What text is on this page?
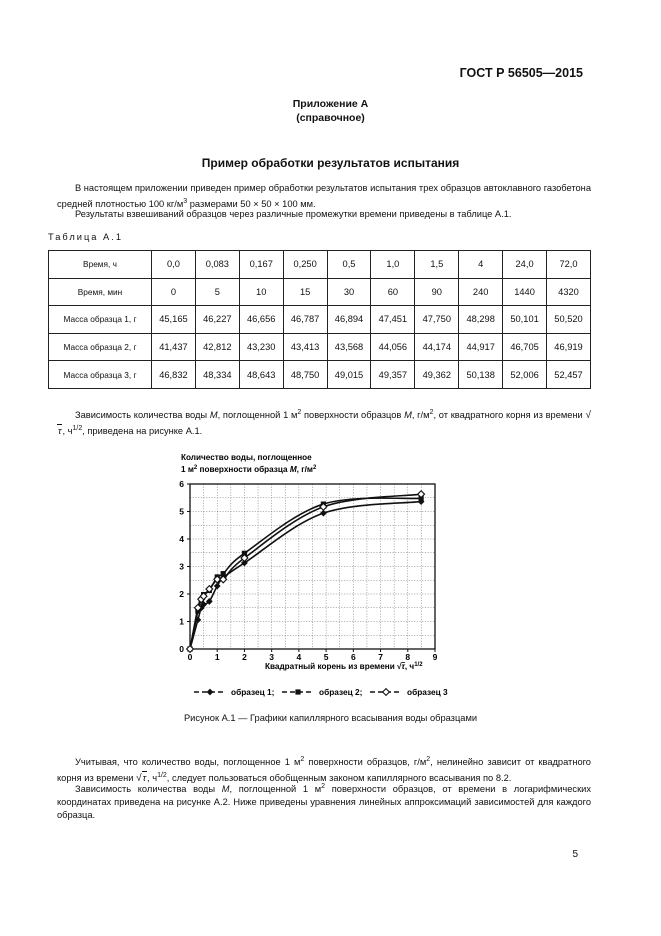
ГОСТ Р 56505—2015
Приложение А
(справочное)
Пример обработки результатов испытания
В настоящем приложении приведен пример обработки результатов испытания трех образцов автоклавного газобетона средней плотностью 100 $кг/м^3$ размерами 50 × 50 × 100 мм.
Результаты взвешиваний образцов через различные промежутки времени приведены в таблице А.1.
Таблица А.1
Время, ч	0,0	0,083	0,167	0,250	0,5	1,0	1,5	4	24,0	72,0
Время, мин	0	5	10	15	30	60	90	240	1440	4320
Масса образца 1, г	45,165	46,227	46,656	46,787	46,894	47,451	47,750	48,298	50,101	50,520
Масса образца 2, г	41,437	42,812	43,230	43,413	43,568	44,056	44,174	44,917	46,705	46,919
Масса образца 3, г	46,832	48,334	48,643	48,750	49,015	49,357	49,362	50,138	52,006	52,457
Зависимость количества воды M, поглощенной 1 $м^2$ поверхности образцов M, $г/м^2$, от квадратного корня из времени √τ, $ч^{1/2}$, приведена на рисунке А.1.
Количество воды, поглощенное
1 $м^2$ поверхности образца M, $г/м^2$
0	1	2	3	4	5	6	7	8	9
0
1
2
3
4
5
6
Квадратный корень из времени √τ, $ч^{1/2}$
образец 1;	образец 2;	образец 3
Рисунок А.1 — Графики капиллярного всасывания воды образцами
Учитывая, что количество воды, поглощенное 1 $м^2$ поверхности образцов, $г/м^2$, нелинейно зависит от квадратного корня из времени √τ, $ч^{1/2}$, следует пользоваться обобщенным законом капиллярного всасывания по 8.2.
Зависимость количества воды M, поглощенной 1 $м^2$ поверхности образцов, от времени в логарифмических координатах приведена на рисунке А.2. Ниже приведены уравнения линейных аппроксимаций зависимостей для каждого образца.
5
